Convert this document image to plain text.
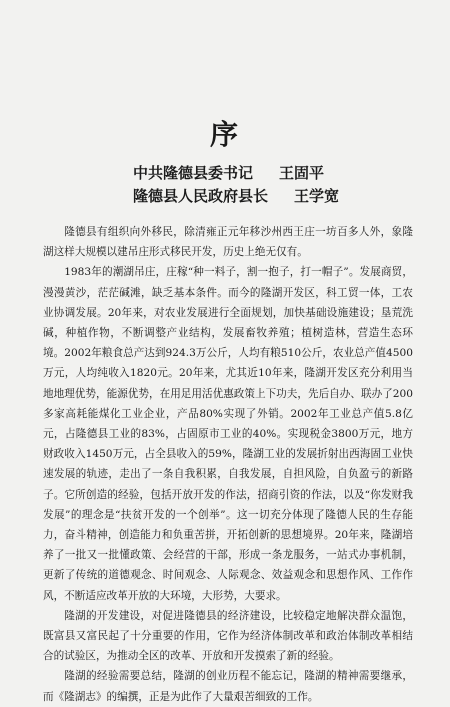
序
中共隆德县委书记 王固平
隆德县人民政府县长 王学宽

隆德县有组织向外移民，除清雍正元年移沙州西王庄一坊百多人外，象隆湖这样大规模以建吊庄形式移民开发，历史上绝无仅有。

1983年的潮湖吊庄，庄稼“种一料子，割一抱子，打一帽子”。发展商贸，漫漫黄沙，茫茫碱滩，缺乏基本条件。而今的隆湖开发区，科工贸一体，工农业协调发展。20年来，对农业发展进行全面规划，加快基础设施建设；垦荒洗碱，种植作物，不断调整产业结构，发展畜牧养殖；植树造林，营造生态环境。2002年粮食总产达到924.3万公斤，人均有粮510公斤，农业总产值4500万元，人均纯收入1820元。20年来，尤其近10年来，隆湖开发区充分利用当地地理优势，能源优势，在用足用活优惠政策上下功夫，先后自办、联办了200多家高耗能煤化工业企业，产品80%实现了外销。2002年工业总产值5.8亿元，占隆德县工业的83%，占固原市工业的40%。实现税金3800万元，地方财政收入1450万元，占全县收入的59%，隆湖工业的发展折射出西海固工业快速发展的轨迹，走出了一条自我积累，自我发展，自担风险，自负盈亏的新路子。它所创造的经验，包括开放开发的作法，招商引资的作法，以及“你发财我发展”的理念是“扶贫开发的一个创举”。这一切充分体现了隆德人民的生存能力，奋斗精神，创造能力和负重苦拼，开拓创新的思想境界。20年来，隆湖培养了一批又一批懂政策、会经营的干部，形成一条龙服务，一站式办事机制，更新了传统的道德观念、时间观念、人际观念、效益观念和思想作风、工作作风，不断适应改革开放的大环境，大形势，大要求。

隆湖的开发建设，对促进隆德县的经济建设，比较稳定地解决群众温饱，既富县又富民起了十分重要的作用，它作为经济体制改革和政治体制改革相结合的试验区，为推动全区的改革、开放和开发摸索了新的经验。

隆湖的经验需要总结，隆湖的创业历程不能忘记，隆湖的精神需要继承，而《隆湖志》的编撰，正是为此作了大量艰苦细致的工作。
